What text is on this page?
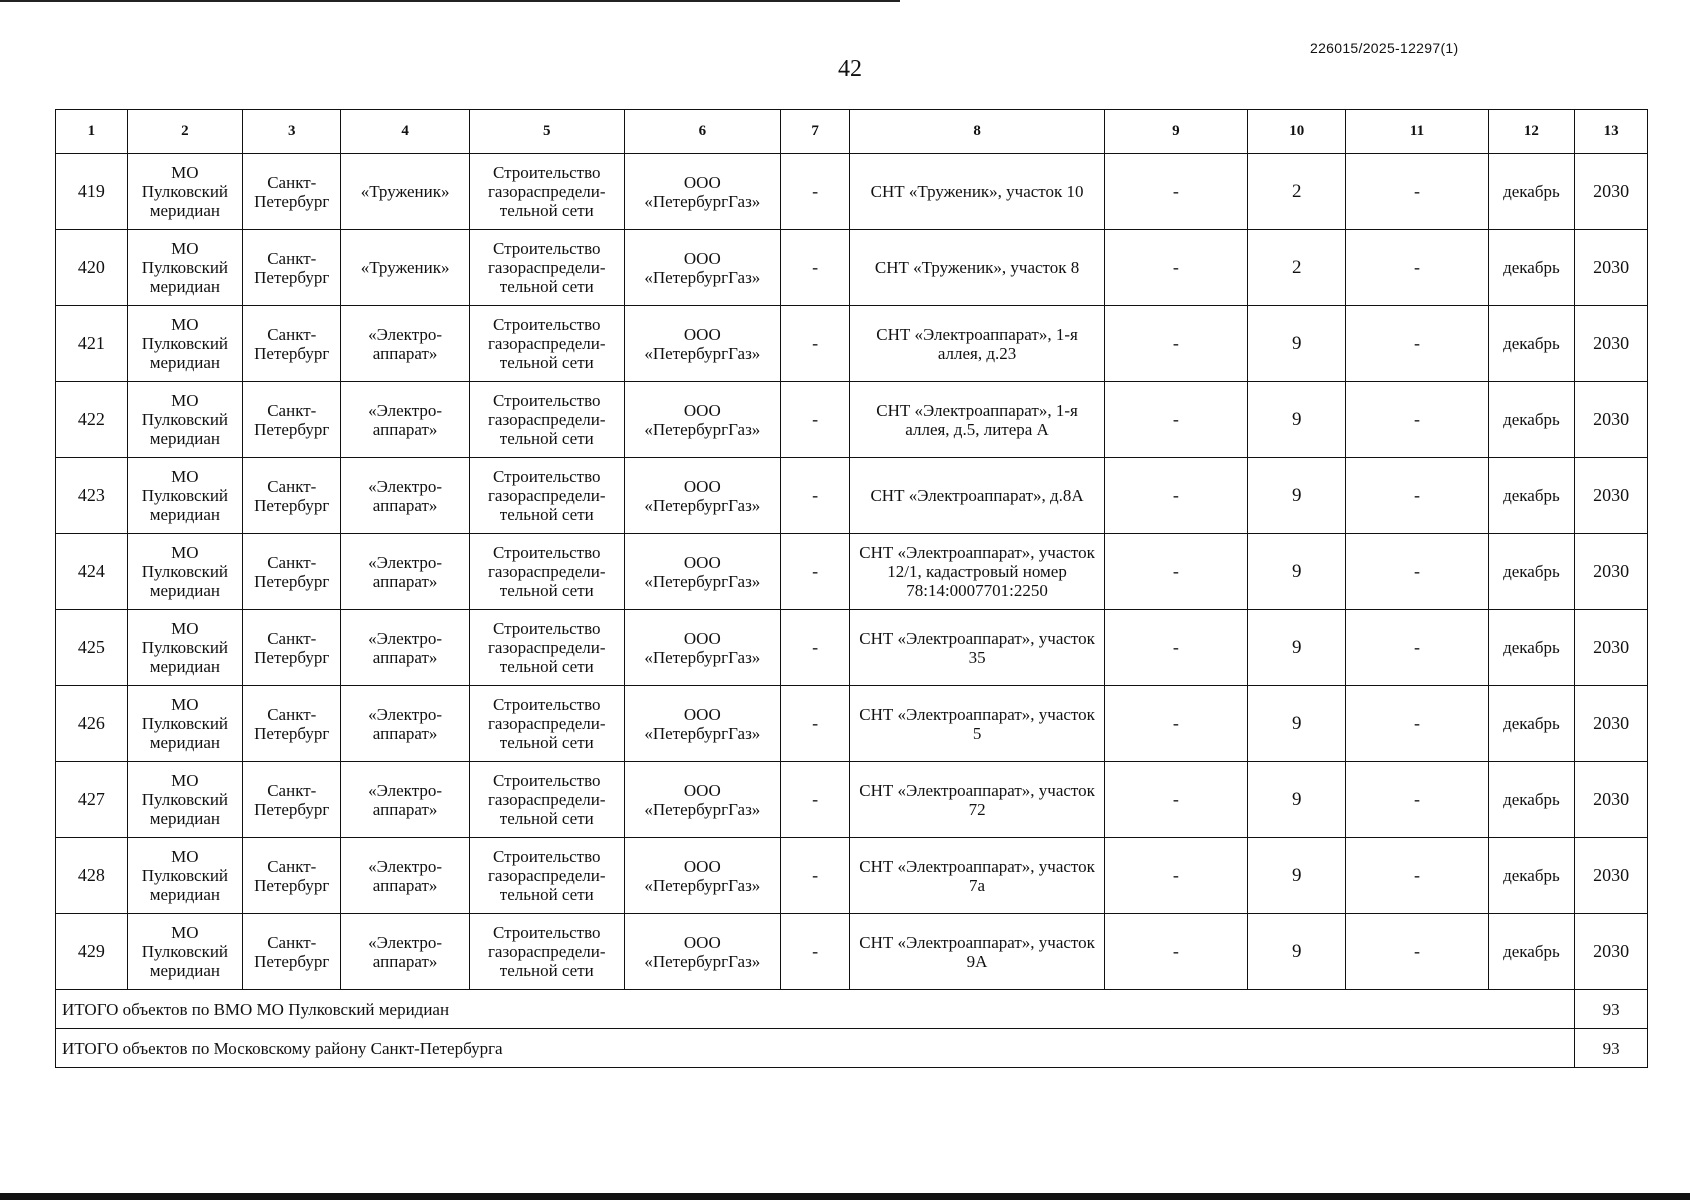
226015/2025-12297(1)
42
1	2	3	4	5	6	7	8	9	10	11	12	13
419	МО Пулковский меридиан	Санкт-Петербург	«Труженик»	Строительство газораспредели-тельной сети	ООО «ПетербургГаз»	-	СНТ «Труженик», участок 10	-	2	-	декабрь	2030
420	МО Пулковский меридиан	Санкт-Петербург	«Труженик»	Строительство газораспредели-тельной сети	ООО «ПетербургГаз»	-	СНТ «Труженик», участок 8	-	2	-	декабрь	2030
421	МО Пулковский меридиан	Санкт-Петербург	«Электро-аппарат»	Строительство газораспредели-тельной сети	ООО «ПетербургГаз»	-	СНТ «Электроаппарат», 1-я аллея, д.23	-	9	-	декабрь	2030
422	МО Пулковский меридиан	Санкт-Петербург	«Электро-аппарат»	Строительство газораспредели-тельной сети	ООО «ПетербургГаз»	-	СНТ «Электроаппарат», 1-я аллея, д.5, литера А	-	9	-	декабрь	2030
423	МО Пулковский меридиан	Санкт-Петербург	«Электро-аппарат»	Строительство газораспредели-тельной сети	ООО «ПетербургГаз»	-	СНТ «Электроаппарат», д.8А	-	9	-	декабрь	2030
424	МО Пулковский меридиан	Санкт-Петербург	«Электро-аппарат»	Строительство газораспредели-тельной сети	ООО «ПетербургГаз»	-	СНТ «Электроаппарат», участок 12/1, кадастровый номер 78:14:0007701:2250	-	9	-	декабрь	2030
425	МО Пулковский меридиан	Санкт-Петербург	«Электро-аппарат»	Строительство газораспредели-тельной сети	ООО «ПетербургГаз»	-	СНТ «Электроаппарат», участок 35	-	9	-	декабрь	2030
426	МО Пулковский меридиан	Санкт-Петербург	«Электро-аппарат»	Строительство газораспредели-тельной сети	ООО «ПетербургГаз»	-	СНТ «Электроаппарат», участок 5	-	9	-	декабрь	2030
427	МО Пулковский меридиан	Санкт-Петербург	«Электро-аппарат»	Строительство газораспредели-тельной сети	ООО «ПетербургГаз»	-	СНТ «Электроаппарат», участок 72	-	9	-	декабрь	2030
428	МО Пулковский меридиан	Санкт-Петербург	«Электро-аппарат»	Строительство газораспредели-тельной сети	ООО «ПетербургГаз»	-	СНТ «Электроаппарат», участок 7а	-	9	-	декабрь	2030
429	МО Пулковский меридиан	Санкт-Петербург	«Электро-аппарат»	Строительство газораспредели-тельной сети	ООО «ПетербургГаз»	-	СНТ «Электроаппарат», участок 9А	-	9	-	декабрь	2030
ИТОГО объектов по ВМО МО Пулковский меридиан												93
ИТОГО объектов по Московскому району Санкт-Петербурга												93
